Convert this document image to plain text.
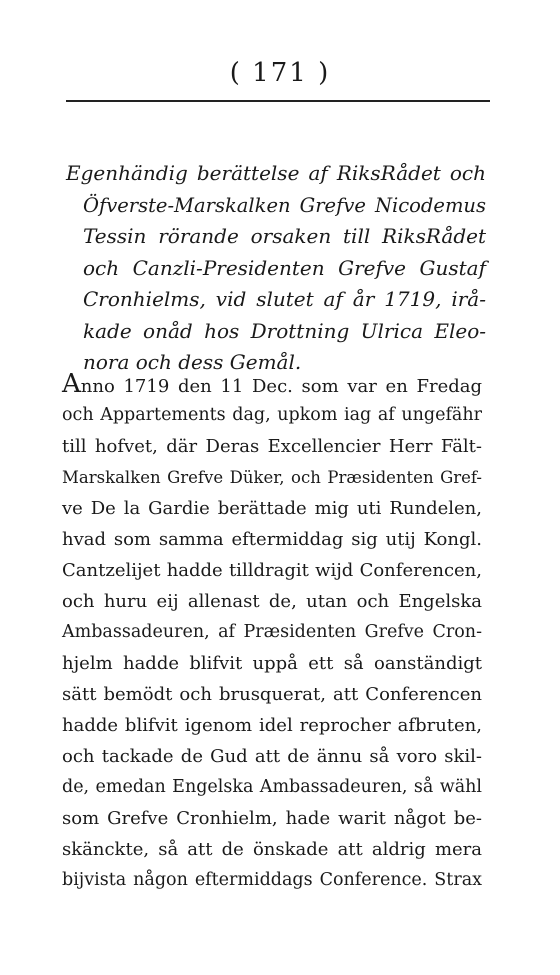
( 171 )
Egenhändig berättelse af RiksRådet och
Öfverste-Marskalken Grefve Nicodemus
Tessin rörande orsaken till RiksRådet
och Canzli-Presidenten Grefve Gustaf
Cronhielms, vid slutet af år 1719, irå-
kade onåd hos Drottning Ulrica Eleo-
nora och dess Gemål.
Anno 1719 den 11 Dec. som var en Fredag
och Appartements dag, upkom iag af ungefähr
till hofvet, där Deras Excellencier Herr Fält-
Marskalken Grefve Düker, och Præsidenten Gref-
ve De la Gardie berättade mig uti Rundelen,
hvad som samma eftermiddag sig utij Kongl.
Cantzelijet hadde tilldragit wijd Conferencen,
och huru eij allenast de, utan och Engelska
Ambassadeuren, af Præsidenten Grefve Cron-
hjelm hadde blifvit uppå ett så oanständigt
sätt bemödt och brusquerat, att Conferencen
hadde blifvit igenom idel reprocher afbruten,
och tackade de Gud att de ännu så voro skil-
de, emedan Engelska Ambassadeuren, så wähl
som Grefve Cronhielm, hade warit något be-
skänckte, så att de önskade att aldrig mera
bijvista någon eftermiddags Conference. Strax
